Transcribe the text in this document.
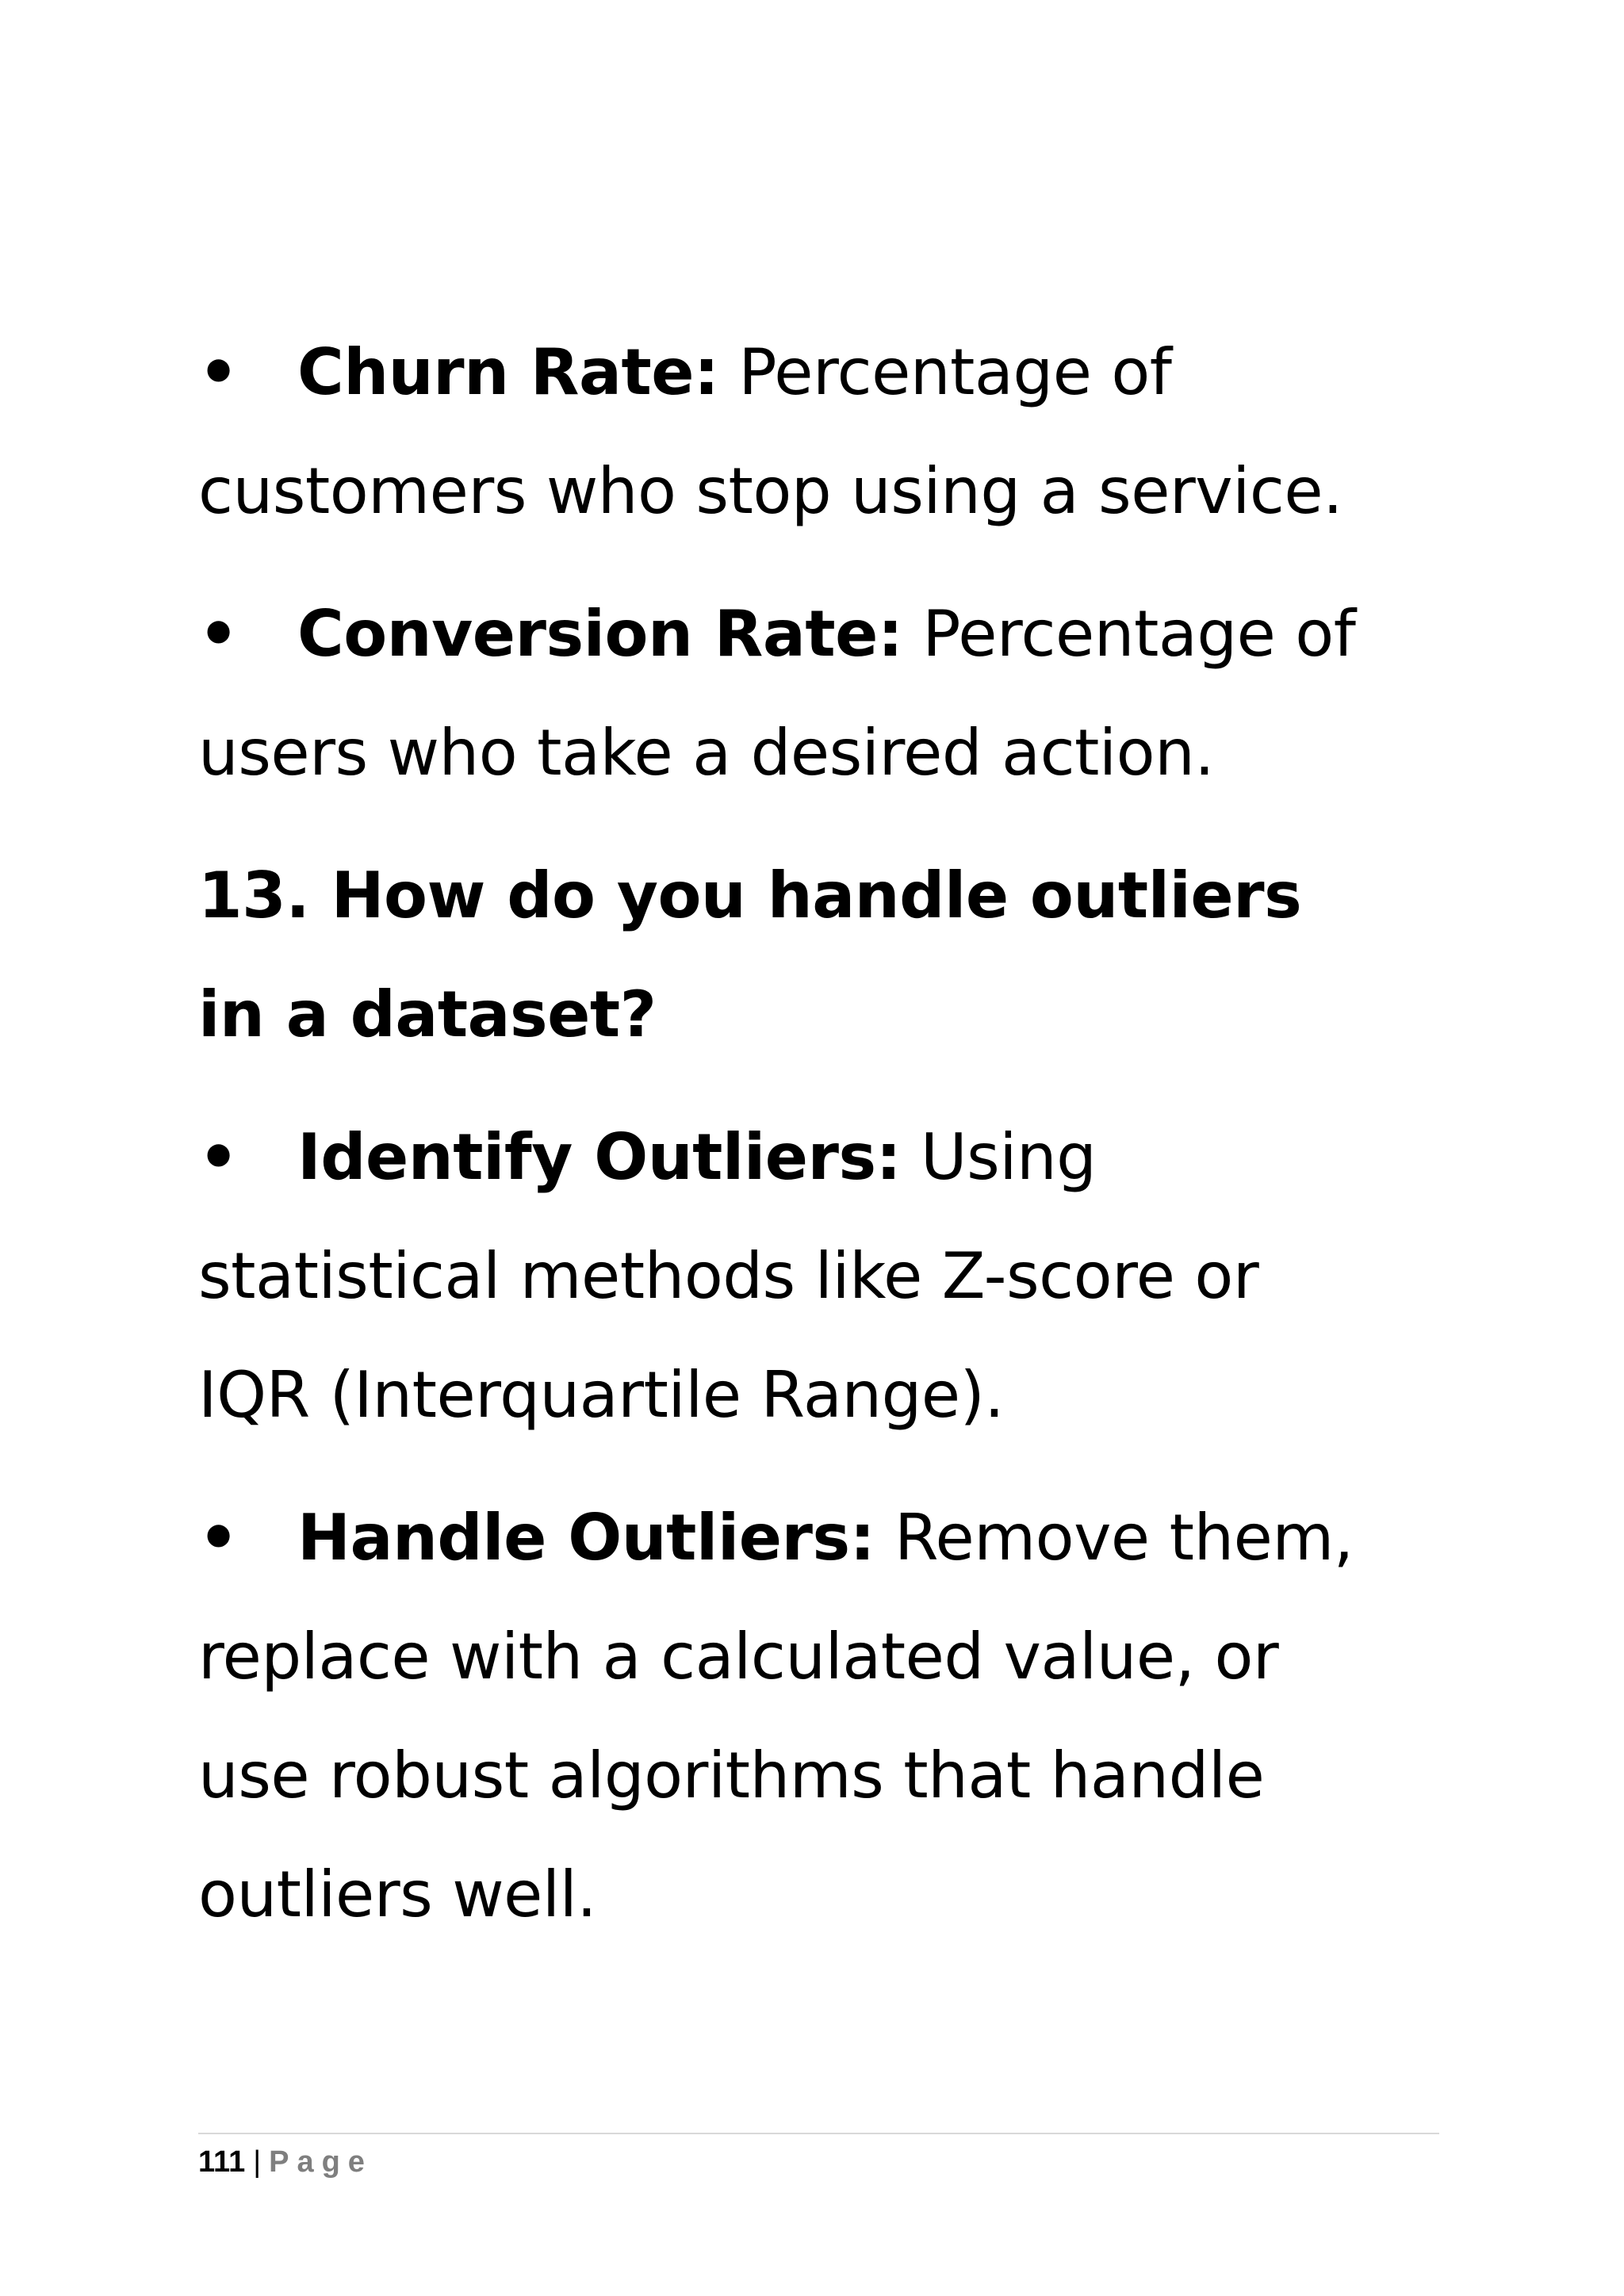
• Churn Rate: Percentage of customers who stop using a service.

• Conversion Rate: Percentage of users who take a desired action.

13. How do you handle outliers in a dataset?

• Identify Outliers: Using statistical methods like Z-score or IQR (Interquartile Range).

• Handle Outliers: Remove them, replace with a calculated value, or use robust algorithms that handle outliers well.

111 | Page
